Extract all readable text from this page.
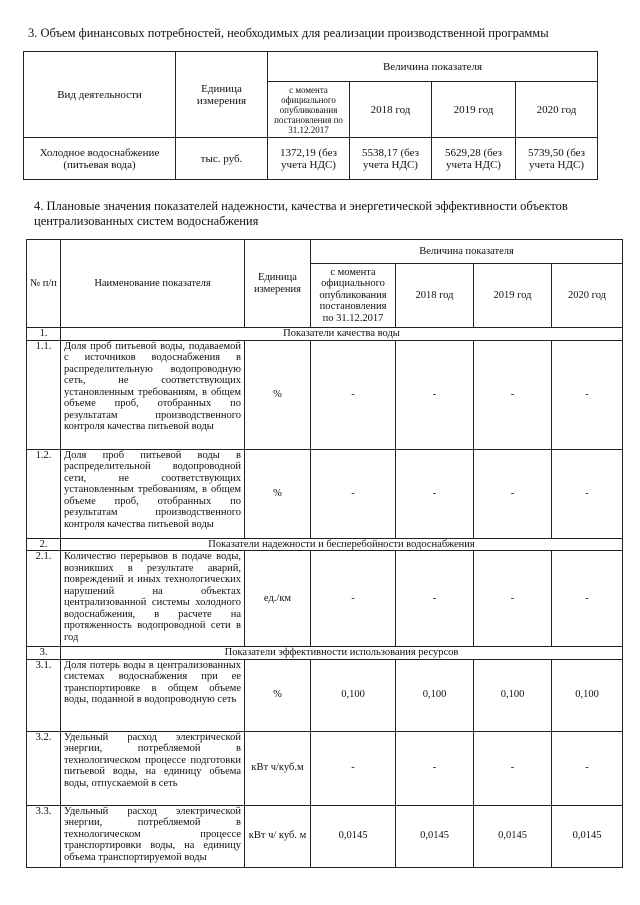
3. Объем финансовых потребностей, необходимых для реализации производственной программы
Вид деятельности	Единица измерения	Величина показателя			
		с момента официального опубликования постановления по 31.12.2017	2018 год	2019 год	2020 год
Холодное водоснабжение (питьевая вода)	тыс. руб.	1372,19 (без учета НДС)	5538,17 (без учета НДС)	5629,28 (без учета НДС)	5739,50 (без учета НДС)
4. Плановые значения показателей надежности, качества и энергетической эффективности объектов централизованных систем водоснабжения
№ п/п	Наименование показателя	Единица измерения	Величина показателя			
			с момента официального опубликования постановления по 31.12.2017	2018 год	2019 год	2020 год
1.	Показатели качества воды					
1.1.	Доля проб питьевой воды, подаваемой с источников водоснабжения в распределительную водопроводную сеть, не соответствующих установленным требованиям, в общем объеме проб, отобранных по результатам производственного контроля качества питьевой воды	%	-	-	-	-
1.2.	Доля проб питьевой воды в распределительной водопроводной сети, не соответствующих установленным требованиям, в общем объеме проб, отобранных по результатам производственного контроля качества питьевой воды	%	-	-	-	-
2.	Показатели надежности и бесперебойности водоснабжения					
2.1.	Количество перерывов в подаче воды, возникших в результате аварий, повреждений и иных технологических нарушений на объектах централизованной системы холодного водоснабжения, в расчете на протяженность водопроводной сети в год	ед./км	-	-	-	-
3.	Показатели эффективности использования ресурсов					
3.1.	Доля потерь воды в централизованных системах водоснабжения при ее транспортировке в общем объеме воды, поданной в водопроводную сеть	%	0,100	0,100	0,100	0,100
3.2.	Удельный расход электрической энергии, потребляемой в технологическом процессе подготовки питьевой воды, на единицу объема воды, отпускаемой в сеть	кВт ч/куб.м	-	-	-	-
3.3.	Удельный расход электрической энергии, потребляемой в технологическом процессе транспортировки воды, на единицу объема транспортируемой воды	кВт ч/ куб. м	0,0145	0,0145	0,0145	0,0145
